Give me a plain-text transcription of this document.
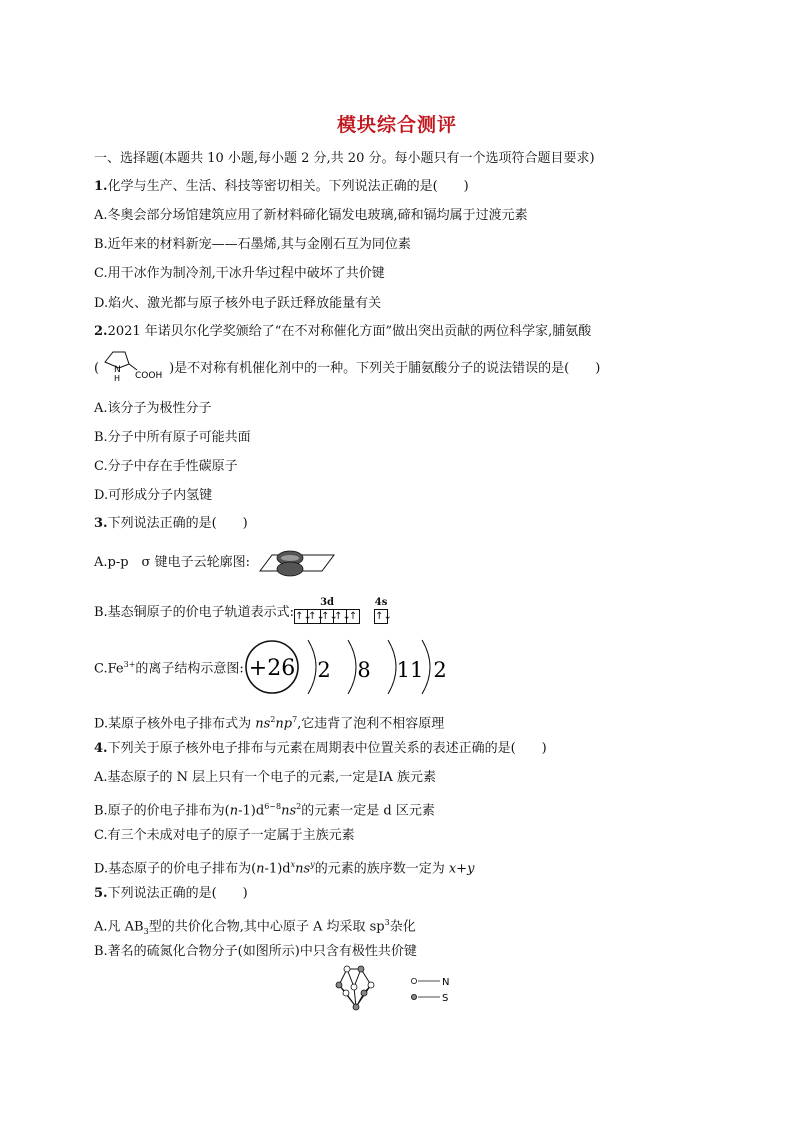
模块综合测评
一、选择题(本题共 10 小题,每小题 2 分,共 20 分。每小题只有一个选项符合题目要求)
1.化学与生产、生活、科技等密切相关。下列说法正确的是(　　)
A.冬奥会部分场馆建筑应用了新材料碲化镉发电玻璃,碲和镉均属于过渡元素
B.近年来的材料新宠——石墨烯,其与金刚石互为同位素
C.用干冰作为制冷剂,干冰升华过程中破坏了共价键
D.焰火、激光都与原子核外电子跃迁释放能量有关
2.2021 年诺贝尔化学奖颁给了“在不对称催化方面”做出突出贡献的两位科学家,脯氨酸
( N
H COOH )是不对称有机催化剂中的一种。下列关于脯氨酸分子的说法错误的是(　　)
A.该分子为极性分子
B.分子中所有原子可能共面
C.分子中存在手性碳原子
D.可形成分子内氢键
3.下列说法正确的是(　　)
A.p-p　σ 键电子云轮廓图:
B.基态铜原子的价电子轨道表示式:
3d
↑↓
↑↓
↑↓
↑↓
↑
4s
↑↓
$C.Fe^{3+}$的离子结构示意图: +26 2 8 11 2
D.某原子核外电子排布式为 $ns^2np^7$,它违背了泡利不相容原理
4.下列关于原子核外电子排布与元素在周期表中位置关系的表述正确的是(　　)
A.基态原子的 N 层上只有一个电子的元素,一定是ⅠA 族元素
B.原子的价电子排布为$(n-1)d^{6\sim 8}ns^2$的元素一定是 d 区元素
C.有三个未成对电子的原子一定属于主族元素
D.基态原子的价电子排布为$(n-1)d^xns^y$的元素的族序数一定为 x+y
5.下列说法正确的是(　　)
A.凡 $AB_3$型的共价化合物,其中心原子 A 均采取 $sp^3$杂化
B.著名的硫氮化合物分子(如图所示)中只含有极性共价键
N
S
